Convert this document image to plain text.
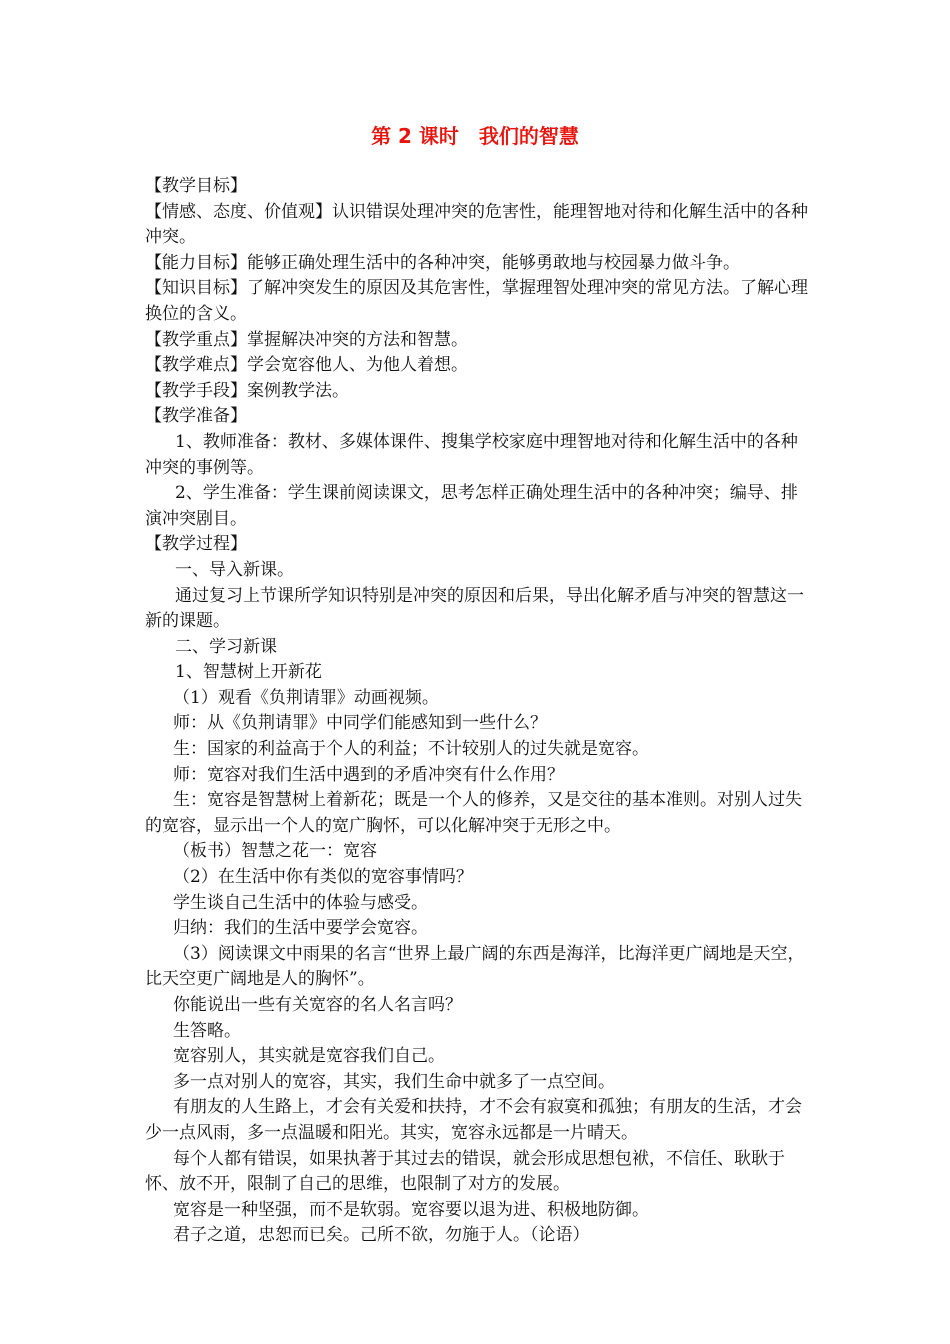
第 2 课时　我们的智慧

【教学目标】

【情感、态度、价值观】认识错误处理冲突的危害性，能理智地对待和化解生活中的各种冲突。

【能力目标】能够正确处理生活中的各种冲突，能够勇敢地与校园暴力做斗争。

【知识目标】了解冲突发生的原因及其危害性，掌握理智处理冲突的常见方法。了解心理换位的含义。

【教学重点】掌握解决冲突的方法和智慧。

【教学难点】学会宽容他人、为他人着想。

【教学手段】案例教学法。

【教学准备】

1、教师准备：教材、多媒体课件、搜集学校家庭中理智地对待和化解生活中的各种冲突的事例等。

2、学生准备：学生课前阅读课文，思考怎样正确处理生活中的各种冲突；编导、排演冲突剧目。

【教学过程】

一、导入新课。

通过复习上节课所学知识特别是冲突的原因和后果，导出化解矛盾与冲突的智慧这一新的课题。

二、学习新课

1、智慧树上开新花

（1）观看《负荆请罪》动画视频。

师：从《负荆请罪》中同学们能感知到一些什么？

生：国家的利益高于个人的利益；不计较别人的过失就是宽容。

师：宽容对我们生活中遇到的矛盾冲突有什么作用？

生：宽容是智慧树上着新花；既是一个人的修养，又是交往的基本准则。对别人过失的宽容，显示出一个人的宽广胸怀，可以化解冲突于无形之中。

（板书）智慧之花一：宽容

（2）在生活中你有类似的宽容事情吗？

学生谈自己生活中的体验与感受。

归纳：我们的生活中要学会宽容。

（3）阅读课文中雨果的名言“世界上最广阔的东西是海洋，比海洋更广阔地是天空，比天空更广阔地是人的胸怀”。

你能说出一些有关宽容的名人名言吗？

生答略。

宽容别人，其实就是宽容我们自己。

多一点对别人的宽容，其实，我们生命中就多了一点空间。

有朋友的人生路上，才会有关爱和扶持，才不会有寂寞和孤独；有朋友的生活，才会少一点风雨，多一点温暖和阳光。其实，宽容永远都是一片晴天。

每个人都有错误，如果执著于其过去的错误，就会形成思想包袱，不信任、耿耿于怀、放不开，限制了自己的思维，也限制了对方的发展。

宽容是一种坚强，而不是软弱。宽容要以退为进、积极地防御。

君子之道，忠恕而已矣。己所不欲，勿施于人。（论语）
